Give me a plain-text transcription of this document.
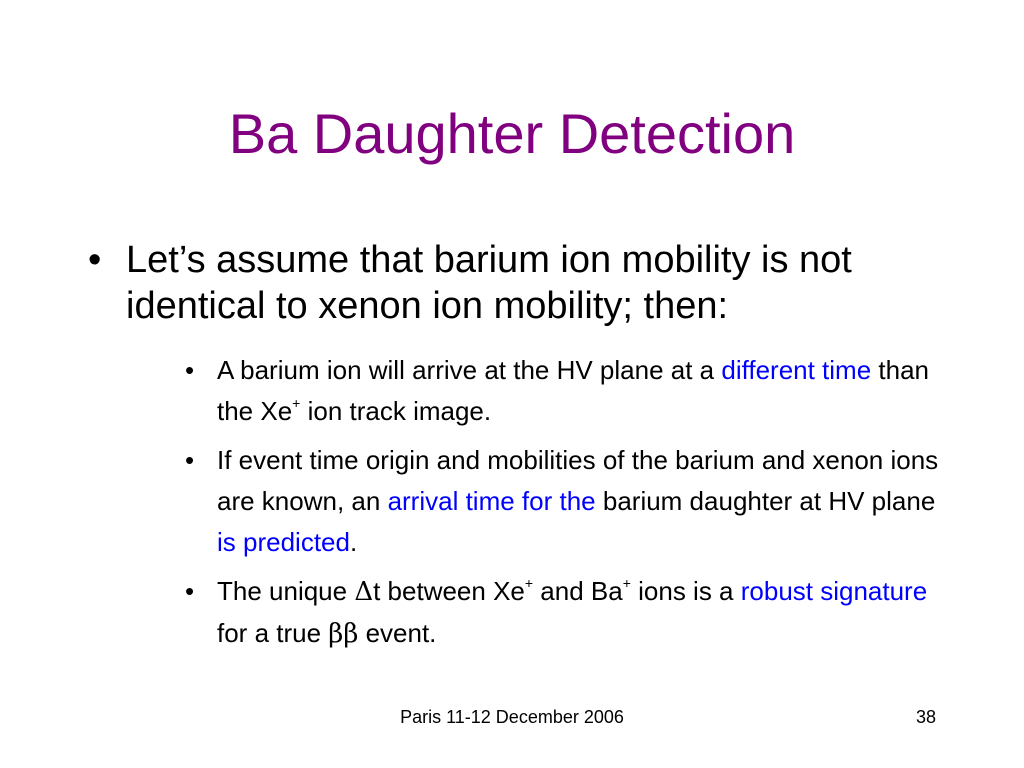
Ba Daughter Detection
• Let’s assume that barium ion mobility is not identical to xenon ion mobility; then:
• A barium ion will arrive at the HV plane at a different time than the Xe+ ion track image.
• If event time origin and mobilities of the barium and xenon ions are known, an arrival time for the barium daughter at HV plane is predicted.
• The unique Δt between Xe+ and Ba+ ions is a robust signature for a true ββ event.
Paris 11-12 December 2006	38
